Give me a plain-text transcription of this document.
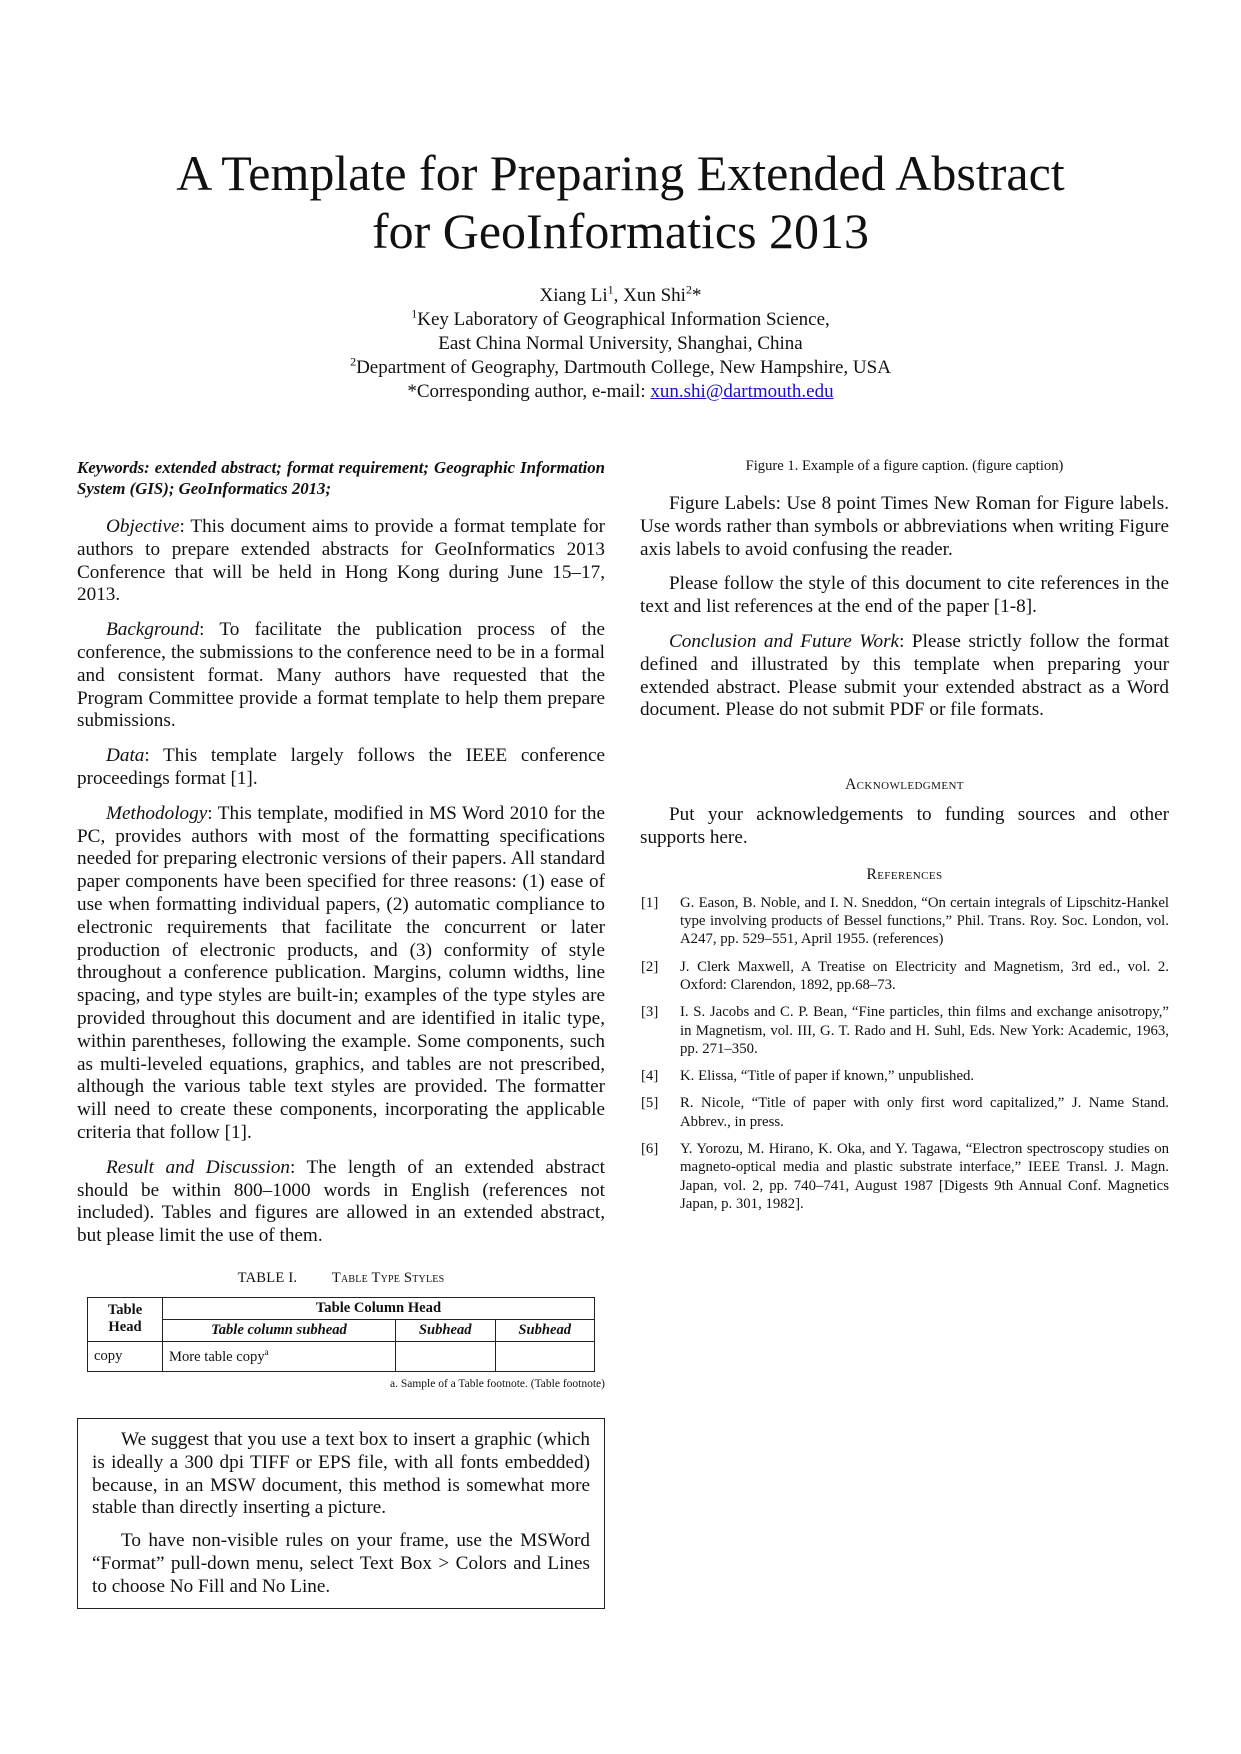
A Template for Preparing Extended Abstract
for GeoInformatics 2013
Xiang Li$^1$, Xun Shi$^2$*
$^1$Key Laboratory of Geographical Information Science,
East China Normal University, Shanghai, China
$^2$Department of Geography, Dartmouth College, New Hampshire, USA
*Corresponding author, e-mail: xun.shi@dartmouth.edu

Keywords: extended abstract; format requirement; Geographic Information System (GIS); GeoInformatics 2013;

Objective: This document aims to provide a format template for authors to prepare extended abstracts for GeoInformatics 2013 Conference that will be held in Hong Kong during June 15–17, 2013.

Background: To facilitate the publication process of the conference, the submissions to the conference need to be in a formal and consistent format. Many authors have requested that the Program Committee provide a format template to help them prepare submissions.

Data: This template largely follows the IEEE conference proceedings format [1].

Methodology: This template, modified in MS Word 2010 for the PC, provides authors with most of the formatting specifications needed for preparing electronic versions of their papers. All standard paper components have been specified for three reasons: (1) ease of use when formatting individual papers, (2) automatic compliance to electronic requirements that facilitate the concurrent or later production of electronic products, and (3) conformity of style throughout a conference publication. Margins, column widths, line spacing, and type styles are built-in; examples of the type styles are provided throughout this document and are identified in italic type, within parentheses, following the example. Some components, such as multi-leveled equations, graphics, and tables are not prescribed, although the various table text styles are provided. The formatter will need to create these components, incorporating the applicable criteria that follow [1].

Result and Discussion: The length of an extended abstract should be within 800–1000 words in English (references not included). Tables and figures are allowed in an extended abstract, but please limit the use of them.

TABLE I. Table Type Styles
Table Head	Table Column Head		
	Table column subhead	Subhead	Subhead
copy	More table copy$^a$		

a. Sample of a Table footnote. (Table footnote)

We suggest that you use a text box to insert a graphic (which is ideally a 300 dpi TIFF or EPS file, with all fonts embedded) because, in an MSW document, this method is somewhat more stable than directly inserting a picture.

To have non-visible rules on your frame, use the MSWord “Format” pull-down menu, select Text Box > Colors and Lines to choose No Fill and No Line.

Figure 1. Example of a figure caption. (figure caption)

Figure Labels: Use 8 point Times New Roman for Figure labels. Use words rather than symbols or abbreviations when writing Figure axis labels to avoid confusing the reader.

Please follow the style of this document to cite references in the text and list references at the end of the paper [1-8].

Conclusion and Future Work: Please strictly follow the format defined and illustrated by this template when preparing your extended abstract. Please submit your extended abstract as a Word document. Please do not submit PDF or file formats.

Acknowledgment

Put your acknowledgements to funding sources and other supports here.

References
[1] G. Eason, B. Noble, and I. N. Sneddon, “On certain integrals of Lipschitz-Hankel type involving products of Bessel functions,” Phil. Trans. Roy. Soc. London, vol. A247, pp. 529–551, April 1955. (references)
[2] J. Clerk Maxwell, A Treatise on Electricity and Magnetism, 3rd ed., vol. 2. Oxford: Clarendon, 1892, pp.68–73.
[3] I. S. Jacobs and C. P. Bean, “Fine particles, thin films and exchange anisotropy,” in Magnetism, vol. III, G. T. Rado and H. Suhl, Eds. New York: Academic, 1963, pp. 271–350.
[4] K. Elissa, “Title of paper if known,” unpublished.
[5] R. Nicole, “Title of paper with only first word capitalized,” J. Name Stand. Abbrev., in press.
[6] Y. Yorozu, M. Hirano, K. Oka, and Y. Tagawa, “Electron spectroscopy studies on magneto-optical media and plastic substrate interface,” IEEE Transl. J. Magn. Japan, vol. 2, pp. 740–741, August 1987 [Digests 9th Annual Conf. Magnetics Japan, p. 301, 1982].
